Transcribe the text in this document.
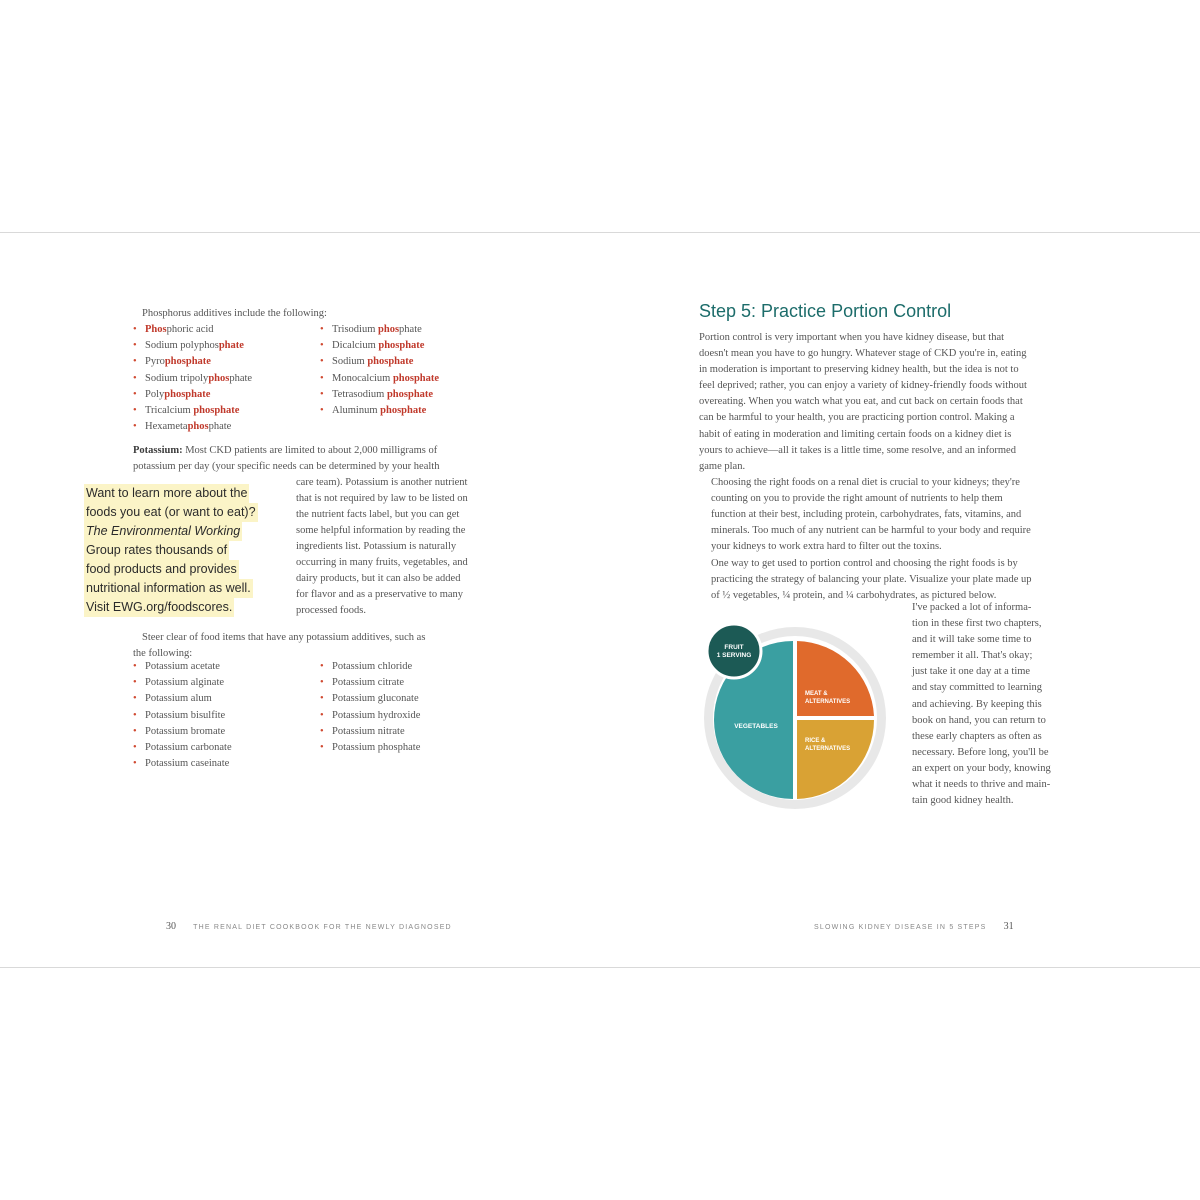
Phosphorus additives include the following:
• Phosphoric acid
• Sodium polyphosphate
• Pyrophosphate
• Sodium tripolyphosphate
• Polyphosphate
• Tricalcium phosphate
• Hexametaphosphate
• Trisodium phosphate
• Dicalcium phosphate
• Sodium phosphate
• Monocalcium phosphate
• Tetrasodium phosphate
• Aluminum phosphate
Potassium: Most CKD patients are limited to about 2,000 milligrams of
potassium per day (your specific needs can be determined by your health
care team). Potassium is another nutrient
that is not required by law to be listed on
the nutrient facts label, but you can get
some helpful information by reading the
ingredients list. Potassium is naturally
occurring in many fruits, vegetables, and
dairy products, but it can also be added
for flavor and as a preservative to many
processed foods.
Want to learn more about the
foods you eat (or want to eat)?
The Environmental Working
Group rates thousands of
food products and provides
nutritional information as well.
Visit EWG.org/foodscores.
Steer clear of food items that have any potassium additives, such as
the following:
• Potassium acetate
• Potassium alginate
• Potassium alum
• Potassium bisulfite
• Potassium bromate
• Potassium carbonate
• Potassium caseinate
• Potassium chloride
• Potassium citrate
• Potassium gluconate
• Potassium hydroxide
• Potassium nitrate
• Potassium phosphate
30 THE RENAL DIET COOKBOOK FOR THE NEWLY DIAGNOSED
Step 5: Practice Portion Control
Portion control is very important when you have kidney disease, but that
doesn't mean you have to go hungry. Whatever stage of CKD you're in, eating
in moderation is important to preserving kidney health, but the idea is not to
feel deprived; rather, you can enjoy a variety of kidney-friendly foods without
overeating. When you watch what you eat, and cut back on certain foods that
can be harmful to your health, you are practicing portion control. Making a
habit of eating in moderation and limiting certain foods on a kidney diet is
yours to achieve—all it takes is a little time, some resolve, and an informed
game plan.
Choosing the right foods on a renal diet is crucial to your kidneys; they're
counting on you to provide the right amount of nutrients to help them
function at their best, including protein, carbohydrates, fats, vitamins, and
minerals. Too much of any nutrient can be harmful to your body and require
your kidneys to work extra hard to filter out the toxins.
One way to get used to portion control and choosing the right foods is by
practicing the strategy of balancing your plate. Visualize your plate made up
of ½ vegetables, ¼ protein, and ¼ carbohydrates, as pictured below.
I've packed a lot of informa-
tion in these first two chapters,
and it will take some time to
remember it all. That's okay;
just take it one day at a time
and stay committed to learning
and achieving. By keeping this
book on hand, you can return to
these early chapters as often as
necessary. Before long, you'll be
an expert on your body, knowing
what it needs to thrive and main-
tain good kidney health.
FRUIT
1 SERVING
VEGETABLES
MEAT &
ALTERNATIVES
RICE &
ALTERNATIVES
SLOWING KIDNEY DISEASE IN 5 STEPS 31
